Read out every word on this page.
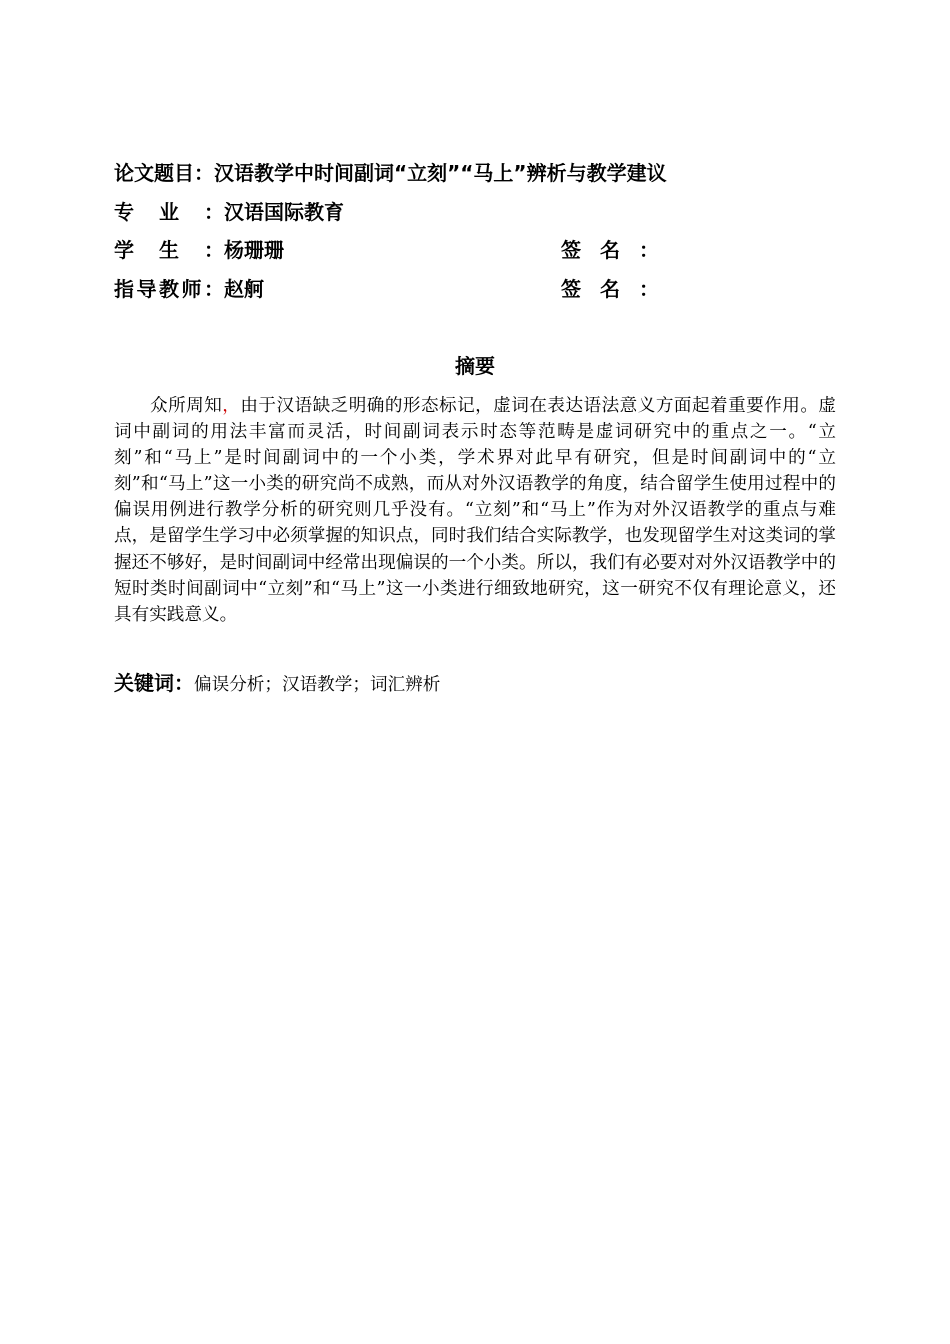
论文题目：汉语教学中时间副词“立刻”“马上”辨析与教学建议
专业：汉语国际教育
学生：杨珊珊	签名：
指导教师：赵舸	签名：
摘要

众所周知，由于汉语缺乏明确的形态标记，虚词在表达语法意义方面起着重要作用。虚词中副词的用法丰富而灵活，时间副词表示时态等范畴是虚词研究中的重点之一。“立刻”和“马上”是时间副词中的一个小类，学术界对此早有研究，但是时间副词中的“立刻”和“马上”这一小类的研究尚不成熟，而从对外汉语教学的角度，结合留学生使用过程中的偏误用例进行教学分析的研究则几乎没有。“立刻”和“马上”作为对外汉语教学的重点与难点，是留学生学习中必须掌握的知识点，同时我们结合实际教学，也发现留学生对这类词的掌握还不够好，是时间副词中经常出现偏误的一个小类。所以，我们有必要对对外汉语教学中的短时类时间副词中“立刻”和“马上”这一小类进行细致地研究，这一研究不仅有理论意义，还具有实践意义。

关键词：偏误分析；汉语教学；词汇辨析
